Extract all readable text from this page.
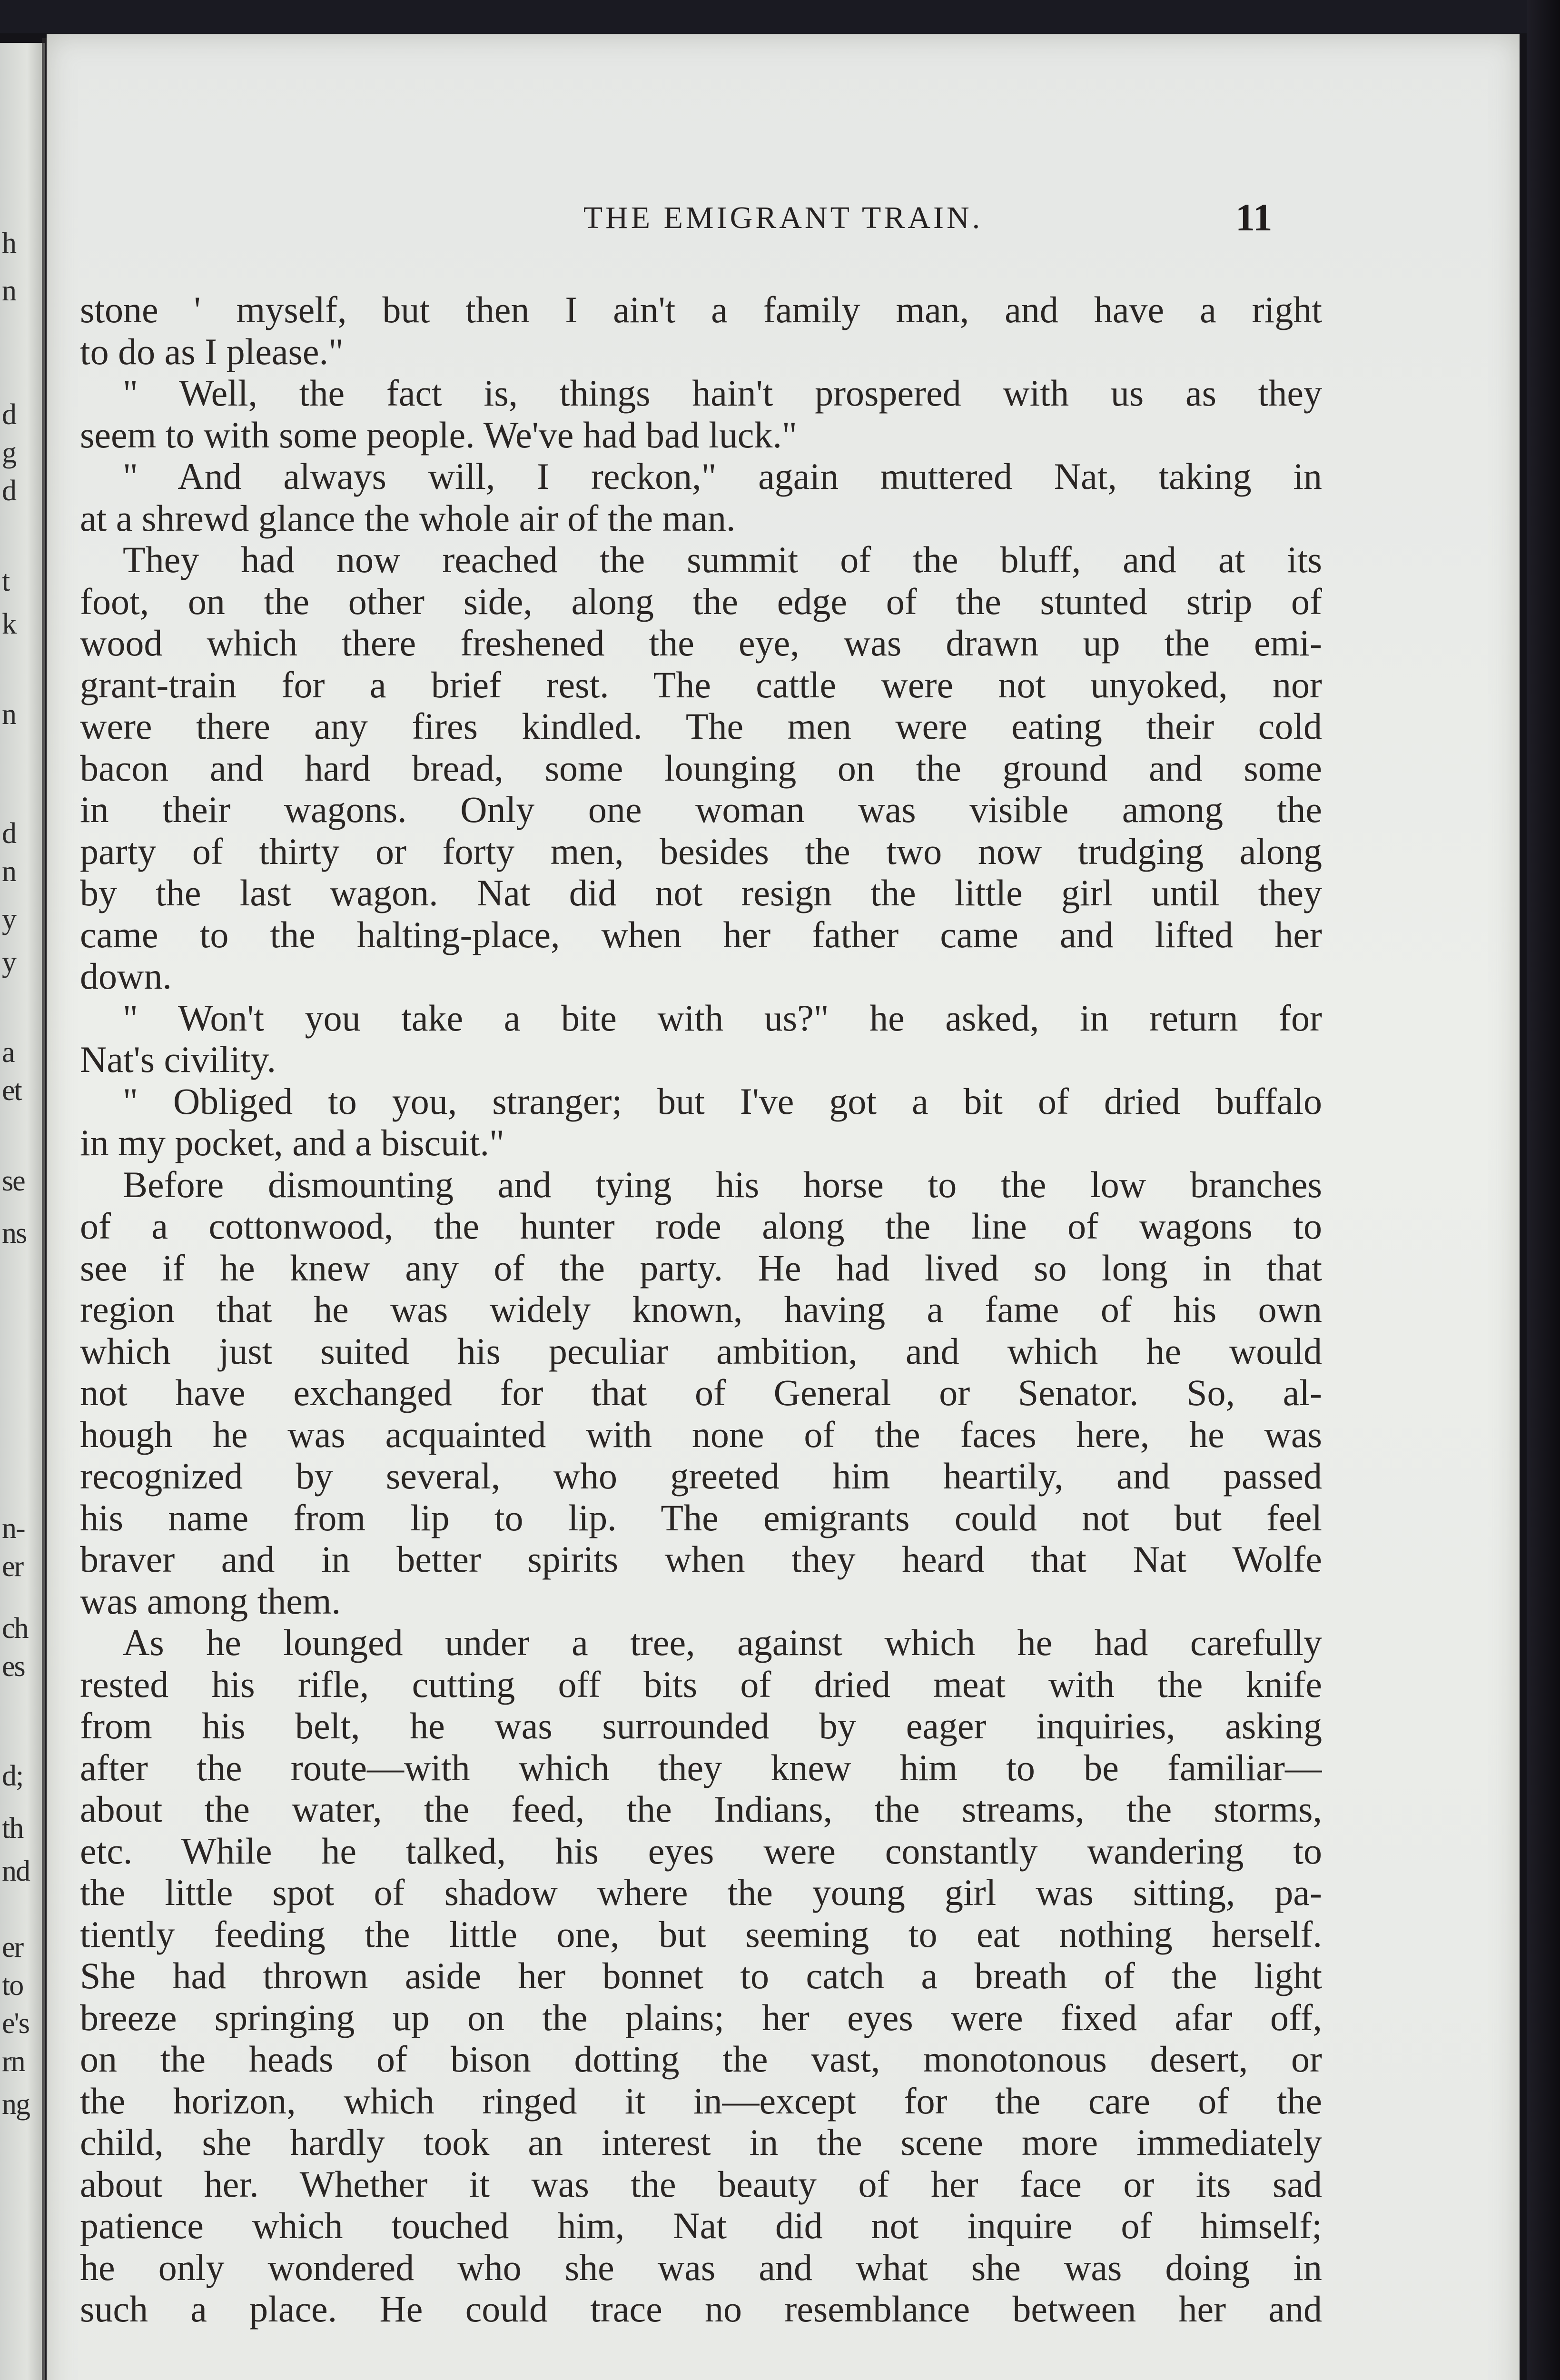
h
n
d
g
d
t
k
n
d
n
y
y
a
et
se
ns
n-
er
ch
es
d;
th
nd
er
to
e's
rn
ng
THE EMIGRANT TRAIN.	11
stone ' myself, but then I ain't a family man, and have a right
to do as I please."
" Well, the fact is, things hain't prospered with us as they
seem to with some people. We've had bad luck."
" And always will, I reckon," again muttered Nat, taking in
at a shrewd glance the whole air of the man.
They had now reached the summit of the bluff, and at its
foot, on the other side, along the edge of the stunted strip of
wood which there freshened the eye, was drawn up the emi-
grant-train for a brief rest. The cattle were not unyoked, nor
were there any fires kindled. The men were eating their cold
bacon and hard bread, some lounging on the ground and some
in their wagons. Only one woman was visible among the
party of thirty or forty men, besides the two now trudging along
by the last wagon. Nat did not resign the little girl until they
came to the halting-place, when her father came and lifted her
down.
" Won't you take a bite with us?" he asked, in return for
Nat's civility.
" Obliged to you, stranger; but I've got a bit of dried buffalo
in my pocket, and a biscuit."
Before dismounting and tying his horse to the low branches
of a cottonwood, the hunter rode along the line of wagons to
see if he knew any of the party. He had lived so long in that
region that he was widely known, having a fame of his own
which just suited his peculiar ambition, and which he would
not have exchanged for that of General or Senator. So, al-
hough he was acquainted with none of the faces here, he was
recognized by several, who greeted him heartily, and passed
his name from lip to lip. The emigrants could not but feel
braver and in better spirits when they heard that Nat Wolfe
was among them.
As he lounged under a tree, against which he had carefully
rested his rifle, cutting off bits of dried meat with the knife
from his belt, he was surrounded by eager inquiries, asking
after the route—with which they knew him to be familiar—
about the water, the feed, the Indians, the streams, the storms,
etc. While he talked, his eyes were constantly wandering to
the little spot of shadow where the young girl was sitting, pa-
tiently feeding the little one, but seeming to eat nothing herself.
She had thrown aside her bonnet to catch a breath of the light
breeze springing up on the plains; her eyes were fixed afar off,
on the heads of bison dotting the vast, monotonous desert, or
the horizon, which ringed it in—except for the care of the
child, she hardly took an interest in the scene more immediately
about her. Whether it was the beauty of her face or its sad
patience which touched him, Nat did not inquire of himself;
he only wondered who she was and what she was doing in
such a place. He could trace no resemblance between her and
